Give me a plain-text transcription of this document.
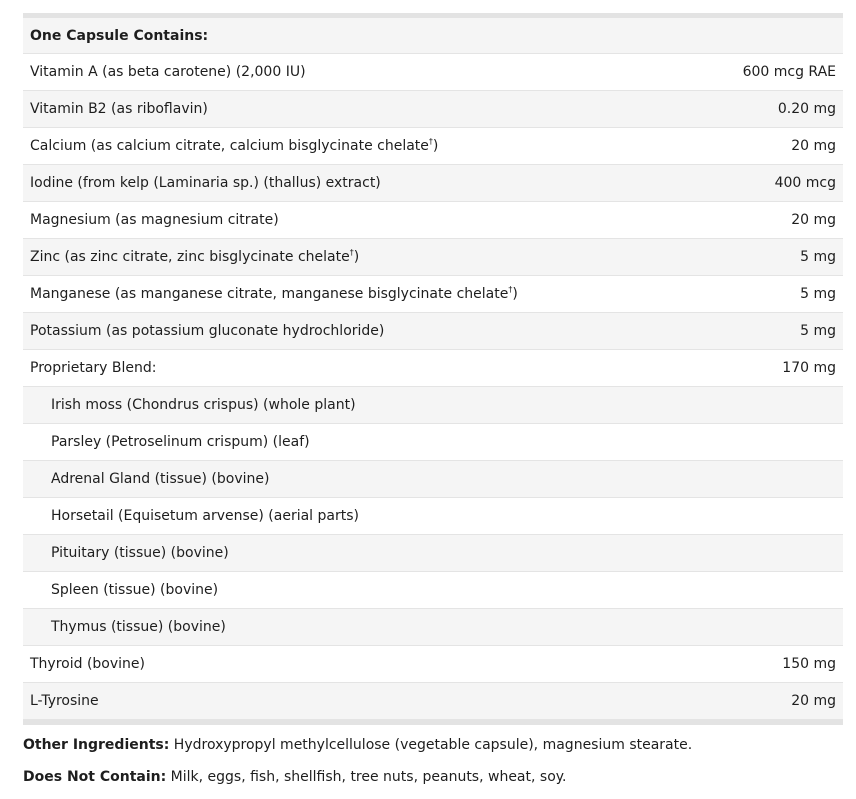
One Capsule Contains:	
Vitamin A (as beta carotene) (2,000 IU)	600 mcg RAE
Vitamin B2 (as riboflavin)	0.20 mg
Calcium (as calcium citrate, calcium bisglycinate chelate†)	20 mg
Iodine (from kelp (Laminaria sp.) (thallus) extract)	400 mcg
Magnesium (as magnesium citrate)	20 mg
Zinc (as zinc citrate, zinc bisglycinate chelate†)	5 mg
Manganese (as manganese citrate, manganese bisglycinate chelate†)	5 mg
Potassium (as potassium gluconate hydrochloride)	5 mg
Proprietary Blend:	170 mg
Irish moss (Chondrus crispus) (whole plant)	
Parsley (Petroselinum crispum) (leaf)	
Adrenal Gland (tissue) (bovine)	
Horsetail (Equisetum arvense) (aerial parts)	
Pituitary (tissue) (bovine)	
Spleen (tissue) (bovine)	
Thymus (tissue) (bovine)	
Thyroid (bovine)	150 mg
L-Tyrosine	20 mg
Other Ingredients: Hydroxypropyl methylcellulose (vegetable capsule), magnesium stearate.
Does Not Contain: Milk, eggs, fish, shellfish, tree nuts, peanuts, wheat, soy.
